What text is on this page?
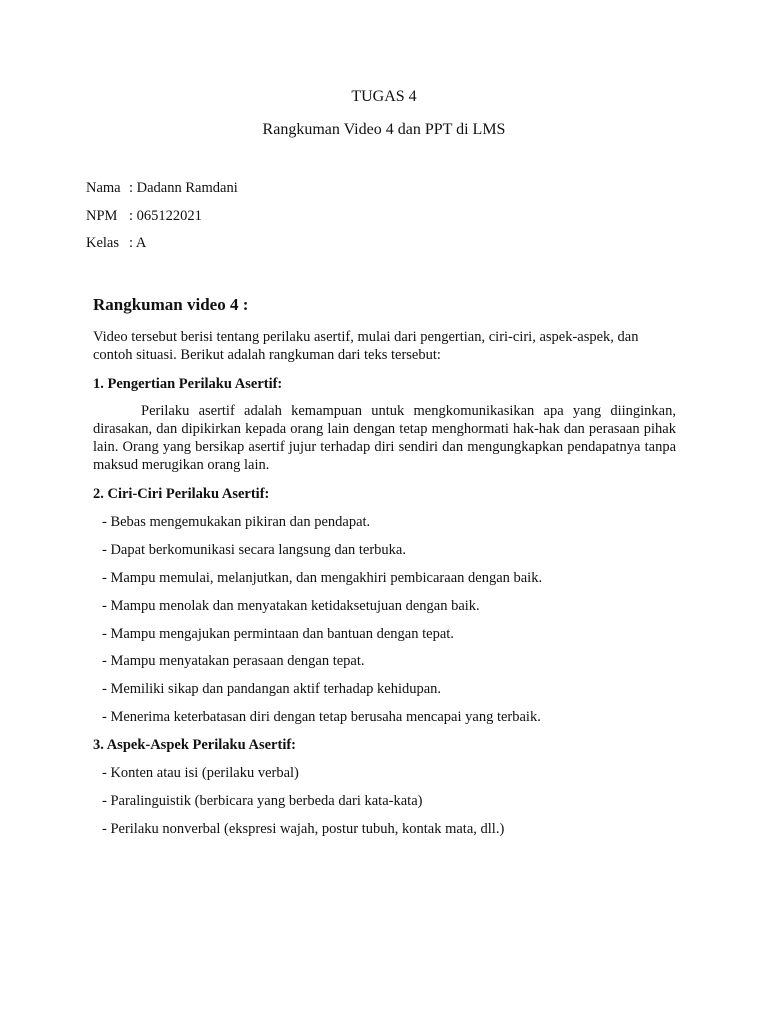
TUGAS 4
Rangkuman Video 4 dan PPT di LMS
Nama : Dadann Ramdani
NPM : 065122021
Kelas : A
Rangkuman video 4 :
Video tersebut berisi tentang perilaku asertif, mulai dari pengertian, ciri-ciri, aspek-aspek, dan contoh situasi. Berikut adalah rangkuman dari teks tersebut:
1. Pengertian Perilaku Asertif:
Perilaku asertif adalah kemampuan untuk mengkomunikasikan apa yang diinginkan, dirasakan, dan dipikirkan kepada orang lain dengan tetap menghormati hak-hak dan perasaan pihak lain. Orang yang bersikap asertif jujur terhadap diri sendiri dan mengungkapkan pendapatnya tanpa maksud merugikan orang lain.
2. Ciri-Ciri Perilaku Asertif:
- Bebas mengemukakan pikiran dan pendapat.
- Dapat berkomunikasi secara langsung dan terbuka.
- Mampu memulai, melanjutkan, dan mengakhiri pembicaraan dengan baik.
- Mampu menolak dan menyatakan ketidaksetujuan dengan baik.
- Mampu mengajukan permintaan dan bantuan dengan tepat.
- Mampu menyatakan perasaan dengan tepat.
- Memiliki sikap dan pandangan aktif terhadap kehidupan.
- Menerima keterbatasan diri dengan tetap berusaha mencapai yang terbaik.
3. Aspek-Aspek Perilaku Asertif:
- Konten atau isi (perilaku verbal)
- Paralinguistik (berbicara yang berbeda dari kata-kata)
- Perilaku nonverbal (ekspresi wajah, postur tubuh, kontak mata, dll.)
